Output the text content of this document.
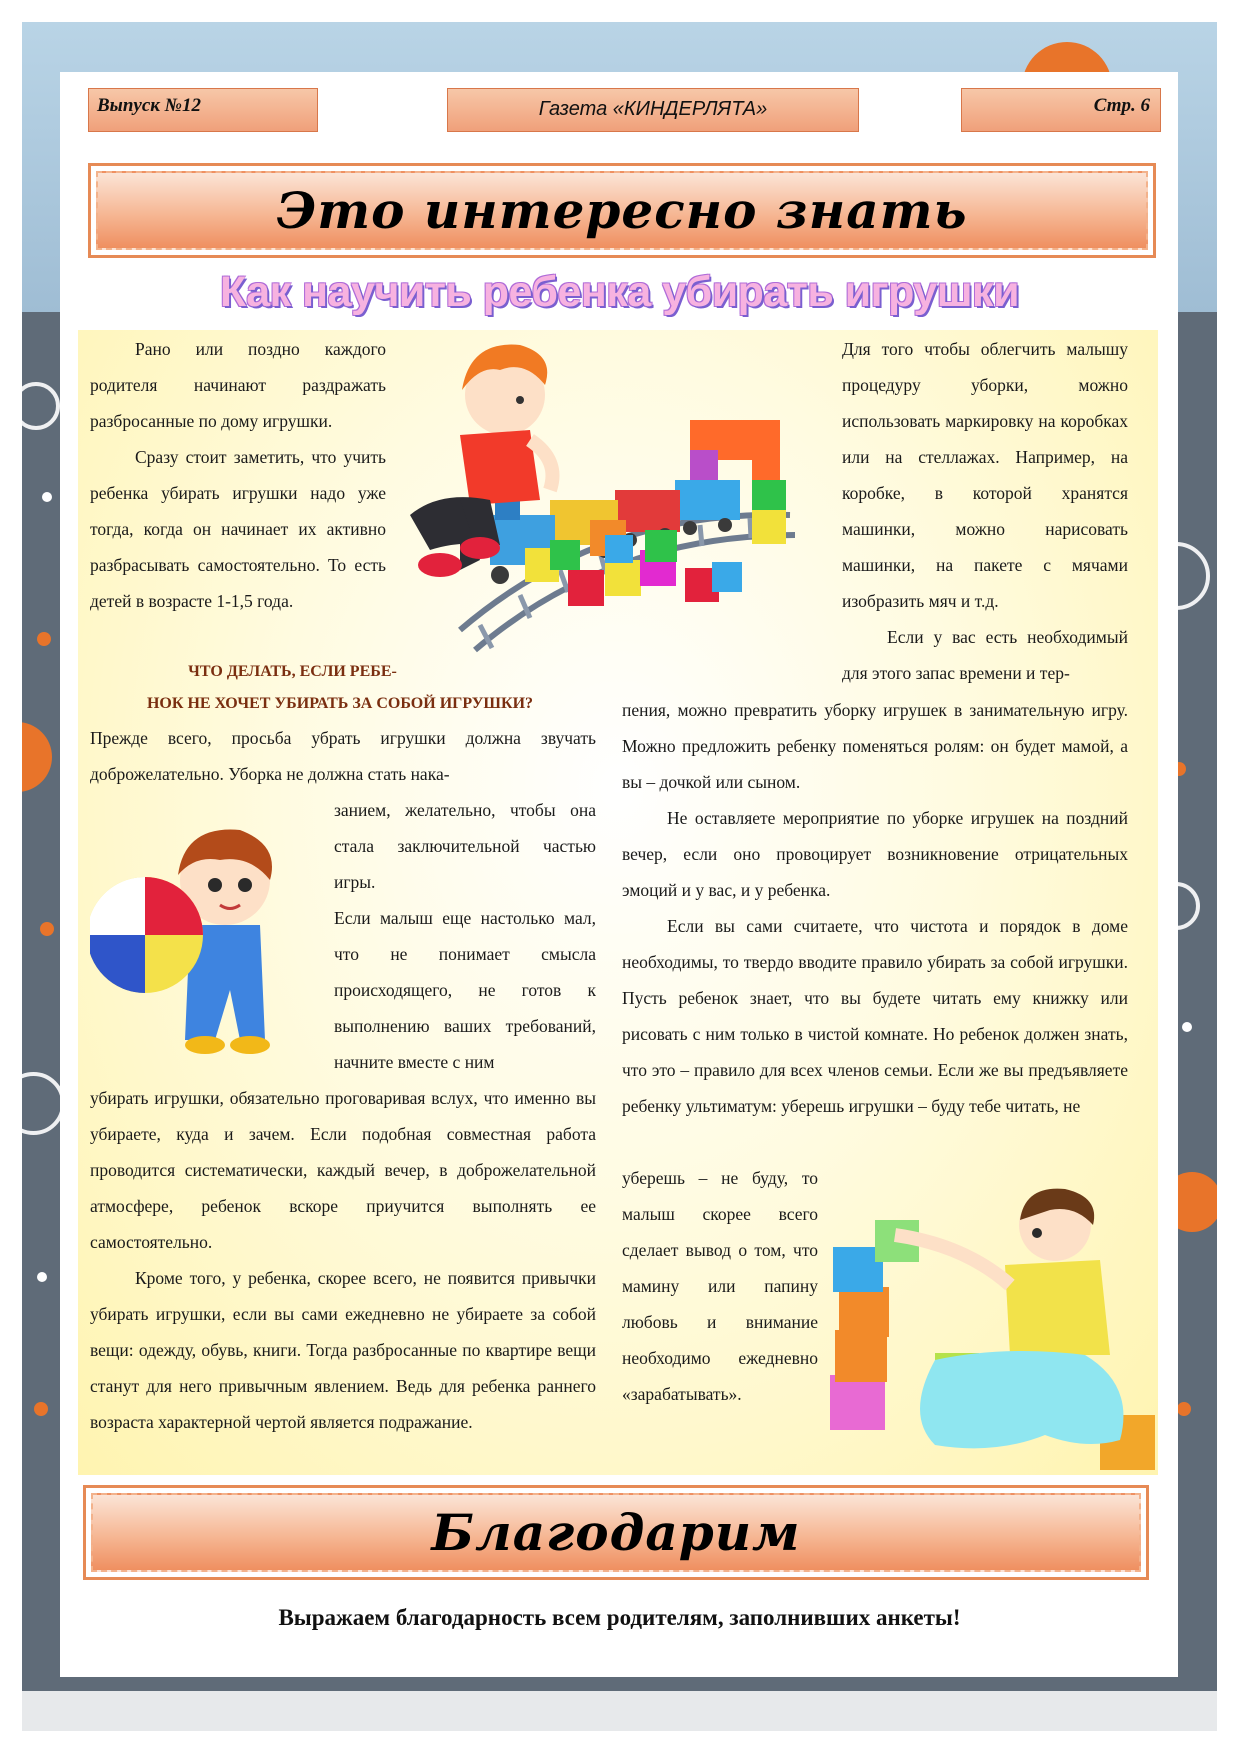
Выпуск №12	Газета «КИНДЕРЛЯТА»	Стр. 6
Это интересно знать
Как научить ребенка убирать игрушки

Рано или поздно каждого родителя начинают раздражать разбросанные по дому игрушки.

Сразу стоит заметить, что учить ребенка убирать игрушки надо уже тогда, когда он начинает их активно разбрасывать самостоятельно. То есть детей в возрасте 1-1,5 года.

ЧТО ДЕЛАТЬ, ЕСЛИ РЕБЕ-
НОК НЕ ХОЧЕТ УБИРАТЬ ЗА СОБОЙ ИГРУШКИ?
Прежде всего, просьба убрать игрушки должна звучать доброжелательно. Уборка не должна стать нака-

занием, желательно, чтобы она стала заключительной частью игры.

Если малыш еще настолько мал, что не понимает смысла происходящего, не готов к выполнению ваших требований, начните вместе с ним

убирать игрушки, обязательно проговаривая вслух, что именно вы убираете, куда и зачем. Если подобная совместная работа проводится систематически, каждый вечер, в доброжелательной атмосфере, ребенок вскоре приучится выполнять ее самостоятельно.

Кроме того, у ребенка, скорее всего, не появится привычки убирать игрушки, если вы сами ежедневно не убираете за собой вещи: одежду, обувь, книги. Тогда разбросанные по квартире вещи станут для него привычным явлением. Ведь для ребенка раннего возраста характерной чертой является подражание.

Для того чтобы облегчить малышу процедуру уборки, можно использовать маркировку на коробках или на стеллажах. Например, на коробке, в которой хранятся машинки, можно нарисовать машинки, на пакете с мячами изобразить мяч и т.д.

Если у вас есть необходимый для этого запас времени и тер-

пения, можно превратить уборку игрушек в занимательную игру. Можно предложить ребенку поменяться ролям: он будет мамой, а вы – дочкой или сыном.

Не оставляете мероприятие по уборке игрушек на поздний вечер, если оно провоцирует возникновение отрицательных эмоций и у вас, и у ребенка.

Если вы сами считаете, что чистота и порядок в доме необходимы, то твердо вводите правило убирать за собой игрушки. Пусть ребенок знает, что вы будете читать ему книжку или рисовать с ним только в чистой комнате. Но ребенок должен знать, что это – правило для всех членов семьи. Если же вы предъявляете ребенку ультиматум: уберешь игрушки – буду тебе читать, не

уберешь – не буду, то малыш скорее всего сделает вывод о том, что мамину или папину любовь и внимание необходимо ежедневно «зарабатывать».
Благодарим
Выражаем благодарность всем родителям, заполнивших анкеты!
